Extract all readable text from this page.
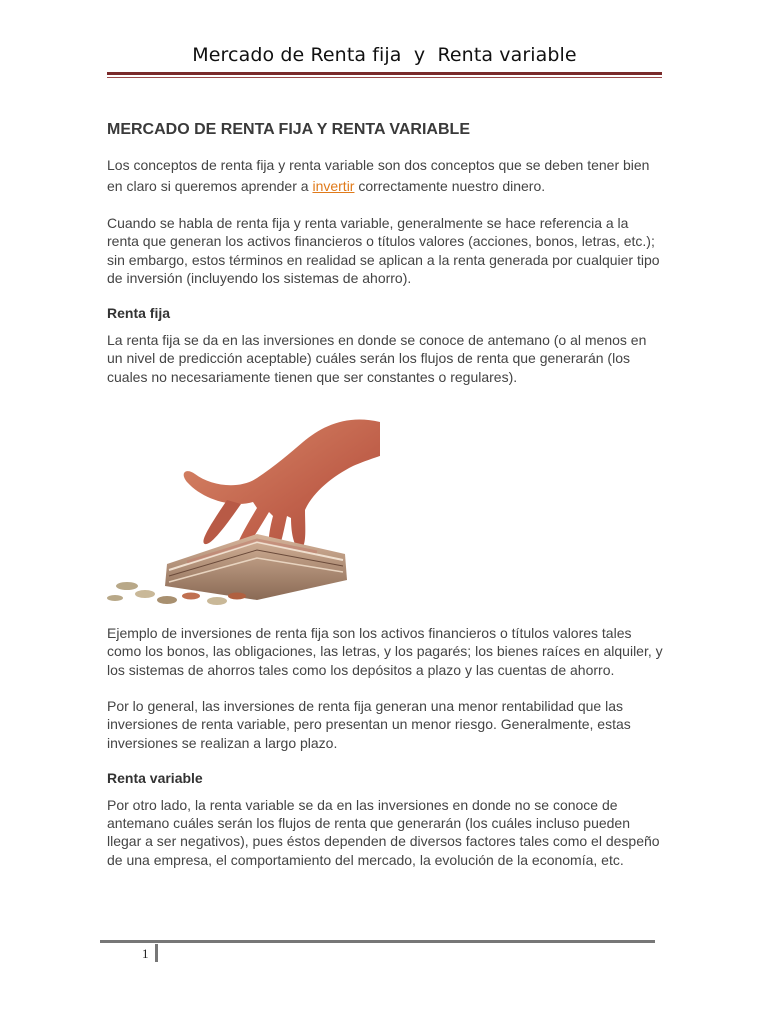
Mercado de Renta fija  y  Renta variable
MERCADO DE RENTA FIJA Y RENTA VARIABLE

Los conceptos de renta fija y renta variable son dos conceptos que se deben tener bien en claro si queremos aprender a invertir correctamente nuestro dinero.

Cuando se habla de renta fija y renta variable, generalmente se hace referencia a la renta que generan los activos financieros o títulos valores (acciones, bonos, letras, etc.); sin embargo, estos términos en realidad se aplican a la renta generada por cualquier tipo de inversión (incluyendo los sistemas de ahorro).

Renta fija

La renta fija se da en las inversiones en donde se conoce de antemano (o al menos en un nivel de predicción aceptable) cuáles serán los flujos de renta que generarán (los cuales no necesariamente tienen que ser constantes o regulares).

Ejemplo de inversiones de renta fija son los activos financieros o títulos valores tales como los bonos, las obligaciones, las letras, y los pagarés; los bienes raíces en alquiler, y los sistemas de ahorros tales como los depósitos a plazo y las cuentas de ahorro.

Por lo general, las inversiones de renta fija generan una menor rentabilidad que las inversiones de renta variable, pero presentan un menor riesgo. Generalmente, estas inversiones se realizan a largo plazo.

Renta variable

Por otro lado, la renta variable se da en las inversiones en donde no se conoce de antemano cuáles serán los flujos de renta que generarán (los cuáles incluso pueden llegar a ser negativos), pues éstos dependen de diversos factores tales como el despeño de una empresa, el comportamiento del mercado, la evolución de la economía, etc.

1
